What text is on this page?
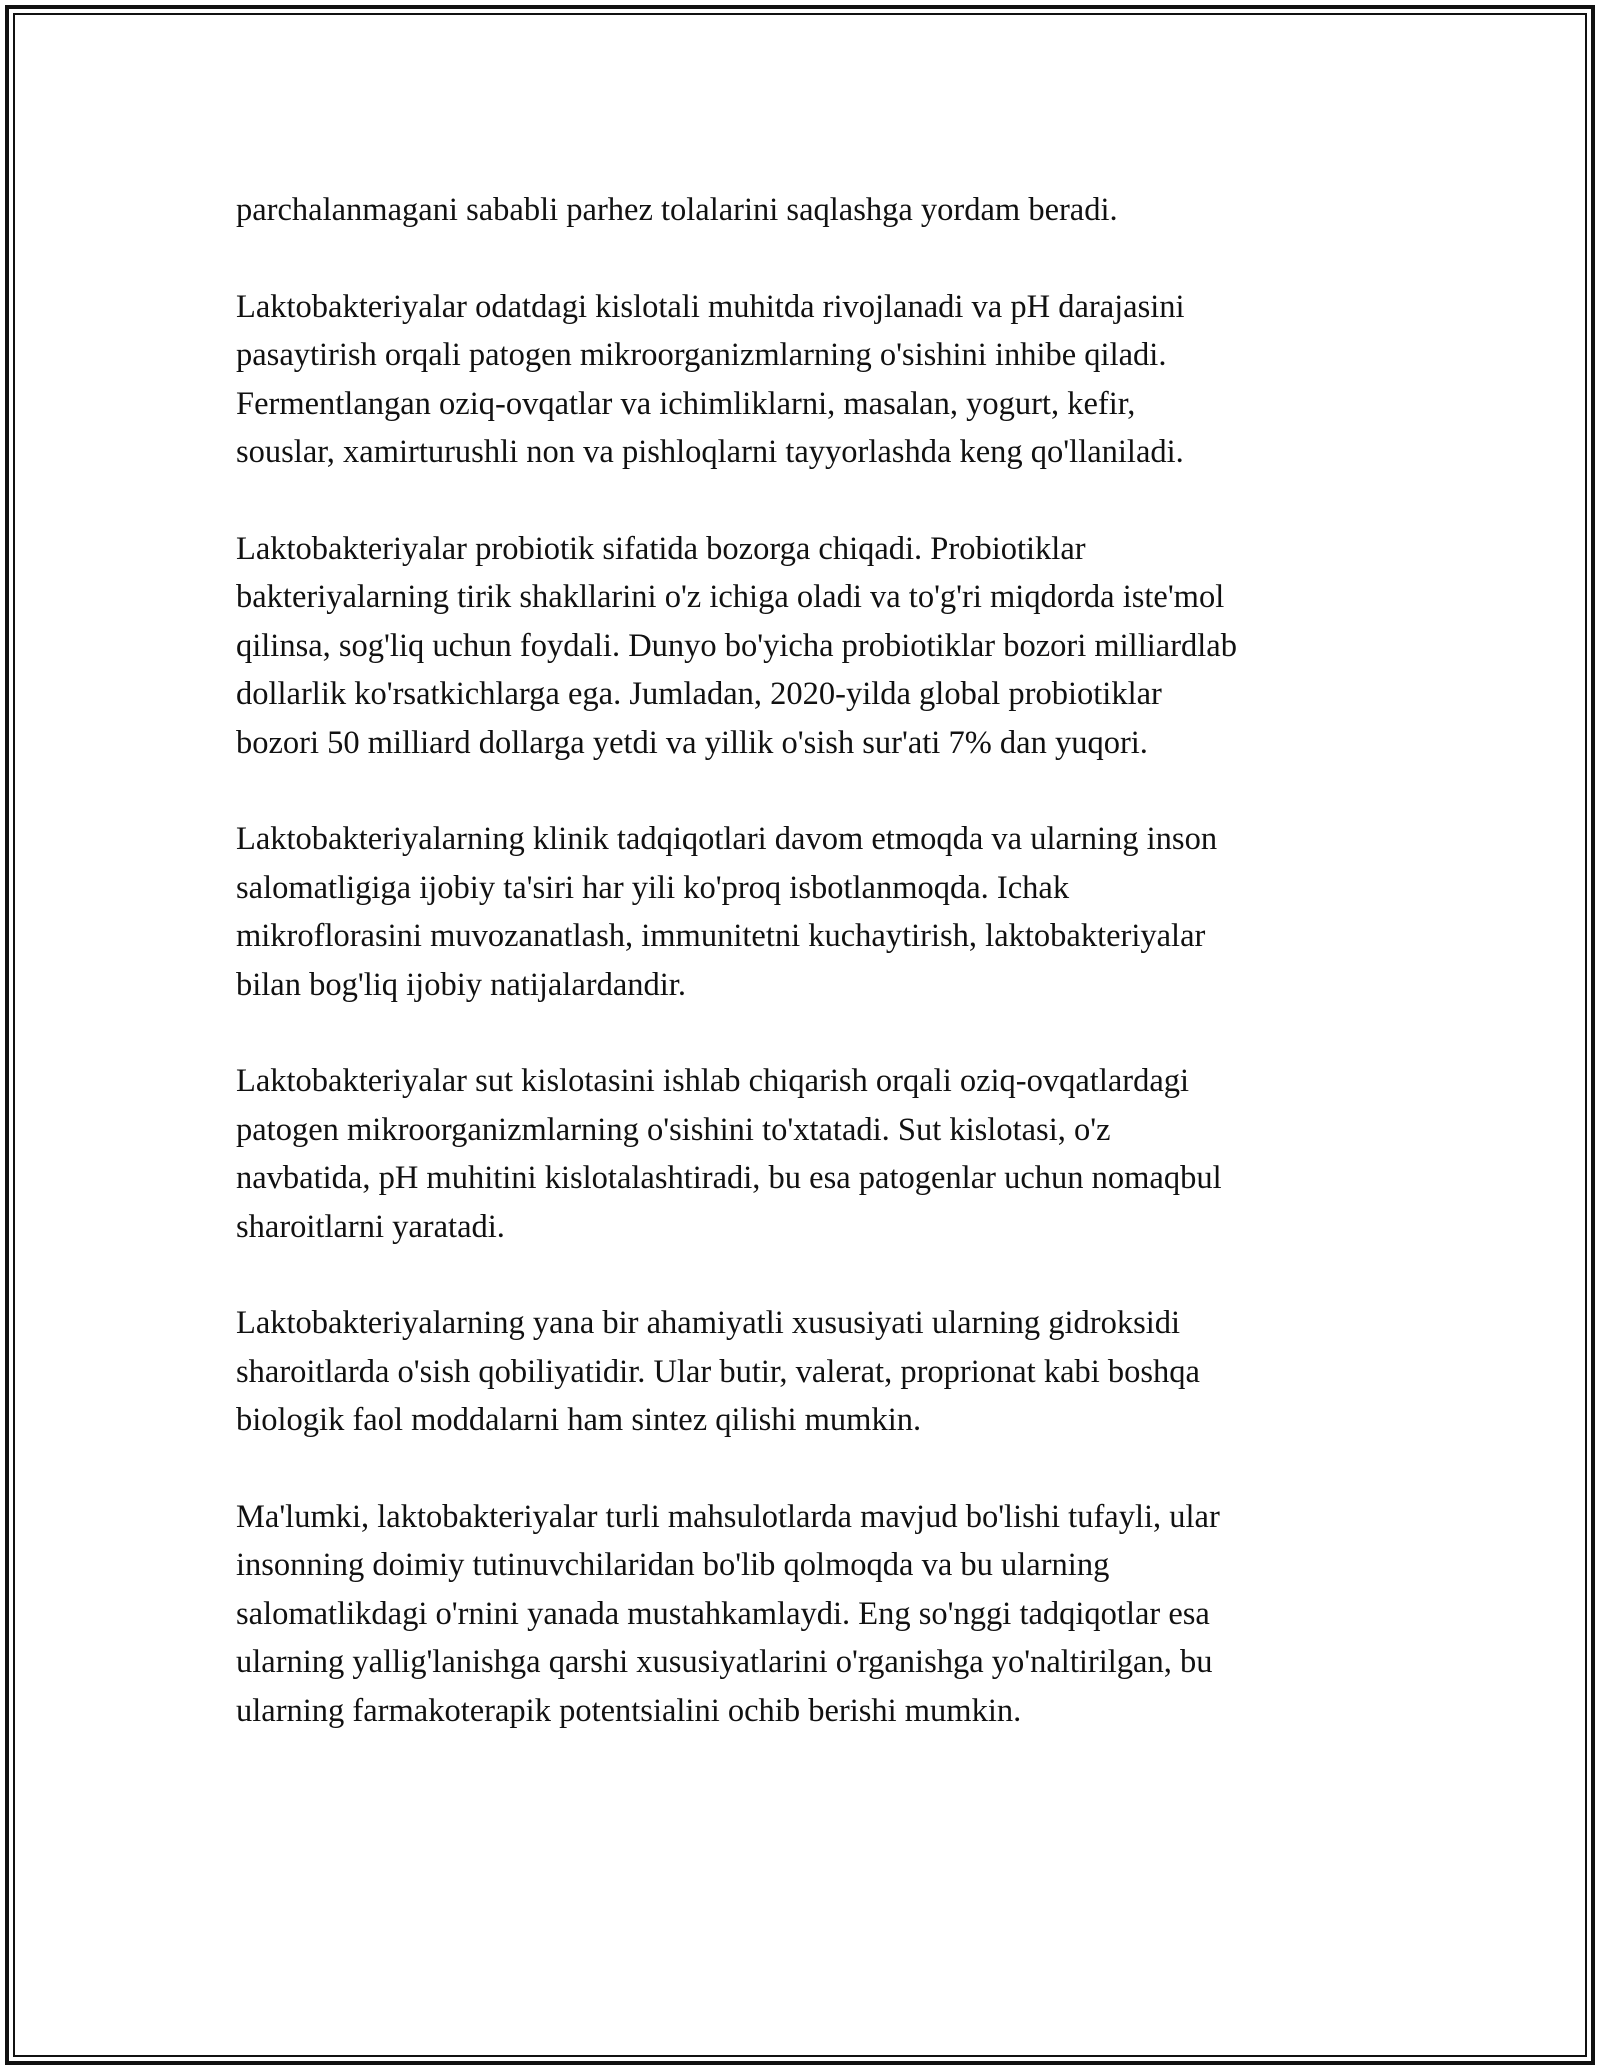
parchalanmagani sababli parhez tolalarini saqlashga yordam beradi.

Laktobakteriyalar odatdagi kislotali muhitda rivojlanadi va pH darajasini
pasaytirish orqali patogen mikroorganizmlarning o'sishini inhibe qiladi.
Fermentlangan oziq-ovqatlar va ichimliklarni, masalan, yogurt, kefir,
souslar, xamirturushli non va pishloqlarni tayyorlashda keng qo'llaniladi.

Laktobakteriyalar probiotik sifatida bozorga chiqadi. Probiotiklar
bakteriyalarning tirik shakllarini o'z ichiga oladi va to'g'ri miqdorda iste'mol
qilinsa, sog'liq uchun foydali. Dunyo bo'yicha probiotiklar bozori milliardlab
dollarlik ko'rsatkichlarga ega. Jumladan, 2020-yilda global probiotiklar
bozori 50 milliard dollarga yetdi va yillik o'sish sur'ati 7% dan yuqori.

Laktobakteriyalarning klinik tadqiqotlari davom etmoqda va ularning inson
salomatligiga ijobiy ta'siri har yili ko'proq isbotlanmoqda. Ichak
mikroflorasini muvozanatlash, immunitetni kuchaytirish, laktobakteriyalar
bilan bog'liq ijobiy natijalardandir.

Laktobakteriyalar sut kislotasini ishlab chiqarish orqali oziq-ovqatlardagi
patogen mikroorganizmlarning o'sishini to'xtatadi. Sut kislotasi, o'z
navbatida, pH muhitini kislotalashtiradi, bu esa patogenlar uchun nomaqbul
sharoitlarni yaratadi.

Laktobakteriyalarning yana bir ahamiyatli xususiyati ularning gidroksidi
sharoitlarda o'sish qobiliyatidir. Ular butir, valerat, proprionat kabi boshqa
biologik faol moddalarni ham sintez qilishi mumkin.

Ma'lumki, laktobakteriyalar turli mahsulotlarda mavjud bo'lishi tufayli, ular
insonning doimiy tutinuvchilaridan bo'lib qolmoqda va bu ularning
salomatlikdagi o'rnini yanada mustahkamlaydi. Eng so'nggi tadqiqotlar esa
ularning yallig'lanishga qarshi xususiyatlarini o'rganishga yo'naltirilgan, bu
ularning farmakoterapik potentsialini ochib berishi mumkin.
